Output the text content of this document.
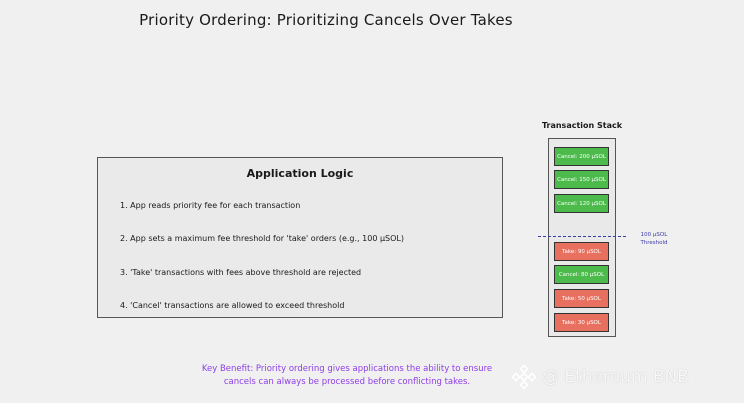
Priority Ordering: Prioritizing Cancels Over Takes
Application Logic
1. App reads priority fee for each transaction
2. App sets a maximum fee threshold for 'take' orders (e.g., 100 μSOL)
3. 'Take' transactions with fees above threshold are rejected
4. 'Cancel' transactions are allowed to exceed threshold
Transaction Stack
Cancel: 200 μSOL
Cancel: 150 μSOL
Cancel: 120 μSOL
Take: 90 μSOL
Cancel: 80 μSOL
Take: 50 μSOL
Take: 30 μSOL
100 μSOL
Threshold
Key Benefit: Priority ordering gives applications the ability to ensure
cancels can always be processed before conflicting takes.	@ Ethereum BNB
